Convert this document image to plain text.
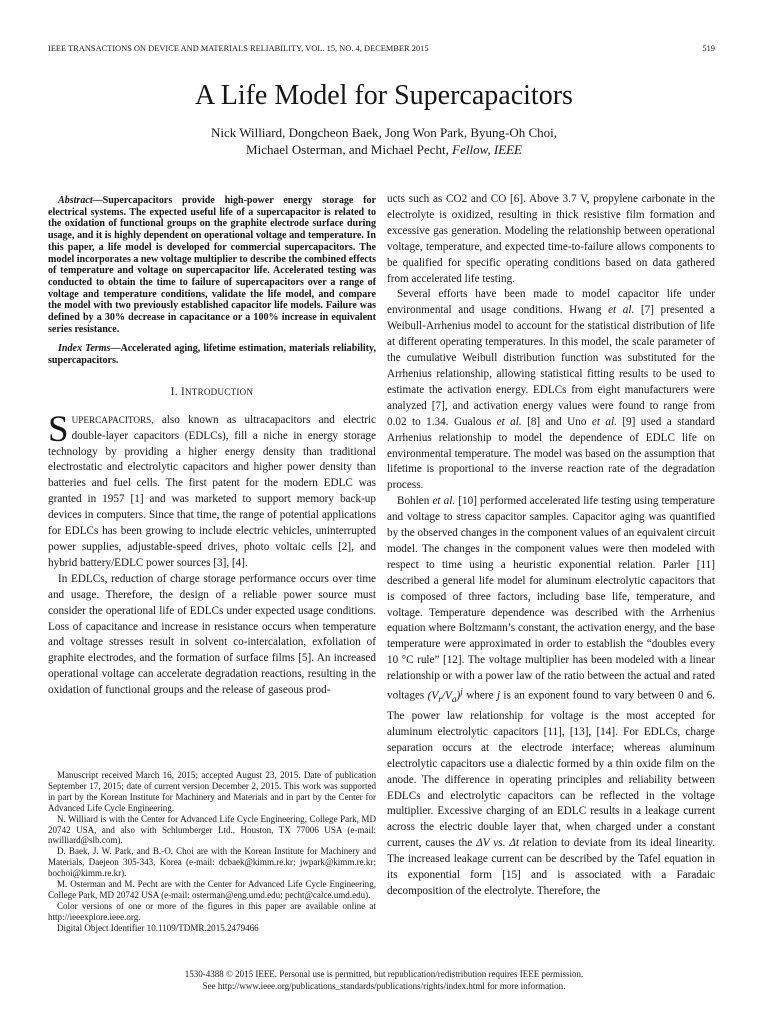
IEEE TRANSACTIONS ON DEVICE AND MATERIALS RELIABILITY, VOL. 15, NO. 4, DECEMBER 2015	519
A Life Model for Supercapacitors
Nick Williard, Dongcheon Baek, Jong Won Park, Byung-Oh Choi,
Michael Osterman, and Michael Pecht, Fellow, IEEE

Abstract—Supercapacitors provide high-power energy storage for electrical systems. The expected useful life of a supercapacitor is related to the oxidation of functional groups on the graphite electrode surface during usage, and it is highly dependent on operational voltage and temperature. In this paper, a life model is developed for commercial supercapacitors. The model incorporates a new voltage multiplier to describe the combined effects of temperature and voltage on supercapacitor life. Accelerated testing was conducted to obtain the time to failure of supercapacitors over a range of voltage and temperature conditions, validate the life model, and compare the model with two previously established capacitor life models. Failure was defined by a 30% decrease in capacitance or a 100% increase in equivalent series resistance.

Index Terms—Accelerated aging, lifetime estimation, materials reliability, supercapacitors.

I. INTRODUCTION

SUPERCAPACITORS, also known as ultracapacitors and electric double-layer capacitors (EDLCs), fill a niche in energy storage technology by providing a higher energy density than traditional electrostatic and electrolytic capacitors and higher power density than batteries and fuel cells. The first patent for the modern EDLC was granted in 1957 [1] and was marketed to support memory back-up devices in computers. Since that time, the range of potential applications for EDLCs has been growing to include electric vehicles, uninterrupted power supplies, adjustable-speed drives, photo voltaic cells [2], and hybrid battery/EDLC power sources [3], [4].

In EDLCs, reduction of charge storage performance occurs over time and usage. Therefore, the design of a reliable power source must consider the operational life of EDLCs under expected usage conditions. Loss of capacitance and increase in resistance occurs when temperature and voltage stresses result in solvent co-intercalation, exfoliation of graphite electrodes, and the formation of surface films [5]. An increased operational voltage can accelerate degradation reactions, resulting in the oxidation of functional groups and the release of gaseous prod-

Manuscript received March 16, 2015; accepted August 23, 2015. Date of publication September 17, 2015; date of current version December 2, 2015. This work was supported in part by the Korean Institute for Machinery and Materials and in part by the Center for Advanced Life Cycle Engineering.

N. Williard is with the Center for Advanced Life Cycle Engineering, College Park, MD 20742 USA, and also with Schlumberger Ltd., Houston, TX 77006 USA (e-mail: nwilliard@slb.com).

D. Baek, J. W. Park, and B.-O. Choi are with the Korean Institute for Machinery and Materials, Daejeon 305-343, Korea (e-mail: dcbaek@kimm.re.kr; jwpark@kimm.re.kr; bochoi@kimm.re.kr).

M. Osterman and M. Pecht are with the Center for Advanced Life Cycle Engineering, College Park, MD 20742 USA (e-mail: osterman@eng.umd.edu; pecht@calce.umd.edu).

Color versions of one or more of the figures in this paper are available online at http://ieeexplore.ieee.org.

Digital Object Identifier 10.1109/TDMR.2015.2479466

ucts such as CO2 and CO [6]. Above 3.7 V, propylene carbonate in the electrolyte is oxidized, resulting in thick resistive film formation and excessive gas generation. Modeling the relationship between operational voltage, temperature, and expected time-to-failure allows components to be qualified for specific operating conditions based on data gathered from accelerated life testing.

Several efforts have been made to model capacitor life under environmental and usage conditions. Hwang et al. [7] presented a Weibull-Arrhenius model to account for the statistical distribution of life at different operating temperatures. In this model, the scale parameter of the cumulative Weibull distribution function was substituted for the Arrhenius relationship, allowing statistical fitting results to be used to estimate the activation energy. EDLCs from eight manufacturers were analyzed [7], and activation energy values were found to range from 0.02 to 1.34. Gualous et al. [8] and Uno et al. [9] used a standard Arrhenius relationship to model the dependence of EDLC life on environmental temperature. The model was based on the assumption that lifetime is proportional to the inverse reaction rate of the degradation process.

Bohlen et al. [10] performed accelerated life testing using temperature and voltage to stress capacitor samples. Capacitor aging was quantified by the observed changes in the component values of an equivalent circuit model. The changes in the component values were then modeled with respect to time using a heuristic exponential relation. Parler [11] described a general life model for aluminum electrolytic capacitors that is composed of three factors, including base life, temperature, and voltage. Temperature dependence was described with the Arrhenius equation where Boltzmann’s constant, the activation energy, and the base temperature were approximated in order to establish the “doubles every 10 °C rule” [12]. The voltage multiplier has been modeled with a linear relationship or with a power law of the ratio between the actual and rated voltages $(V_r/V_a)^j$ where j is an exponent found to vary between 0 and 6. The power law relationship for voltage is the most accepted for aluminum electrolytic capacitors [11], [13], [14]. For EDLCs, charge separation occurs at the electrode interface; whereas aluminum electrolytic capacitors use a dialectic formed by a thin oxide film on the anode. The difference in operating principles and reliability between EDLCs and electrolytic capacitors can be reflected in the voltage multiplier. Excessive charging of an EDLC results in a leakage current across the electric double layer that, when charged under a constant current, causes the ΔV vs. Δt relation to deviate from its ideal linearity. The increased leakage current can be described by the Tafel equation in its exponential form [15] and is associated with a Faradaic decomposition of the electrolyte. Therefore, the

1530-4388 © 2015 IEEE. Personal use is permitted, but republication/redistribution requires IEEE permission.
See http://www.ieee.org/publications_standards/publications/rights/index.html for more information.
